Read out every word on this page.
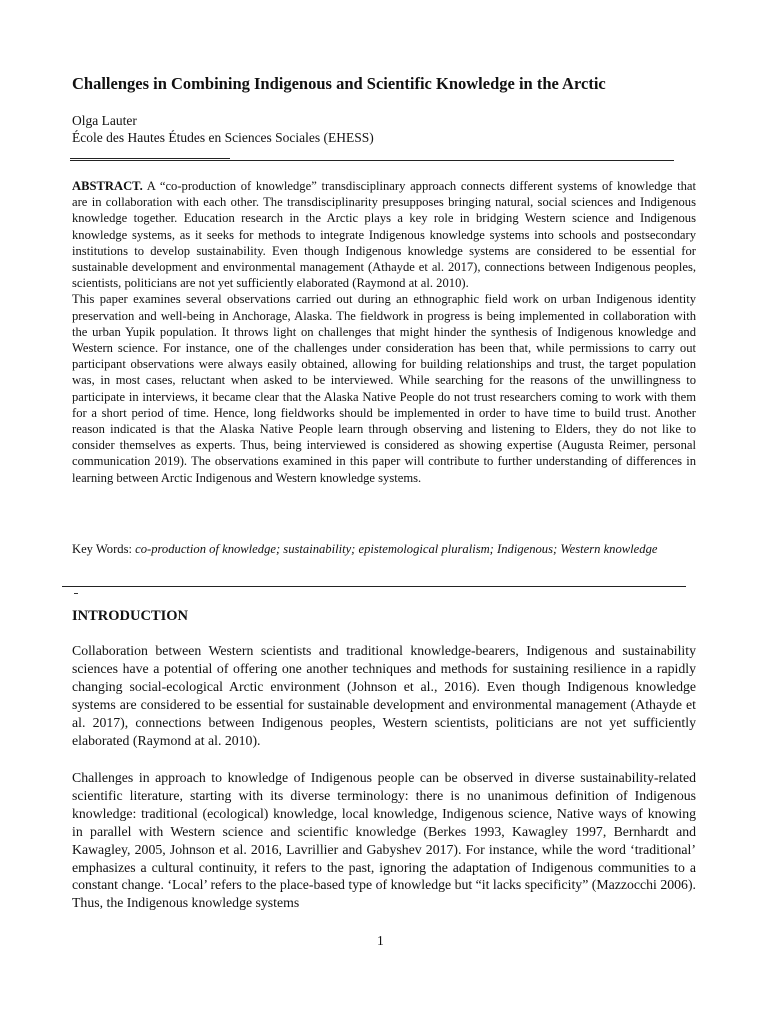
Challenges in Combining Indigenous and Scientific Knowledge in the Arctic
Olga Lauter
École des Hautes Études en Sciences Sociales (EHESS)

ABSTRACT. A “co-production of knowledge” transdisciplinary approach connects different systems of knowledge that are in collaboration with each other. The transdisciplinarity presupposes bringing natural, social sciences and Indigenous knowledge together. Education research in the Arctic plays a key role in bridging Western science and Indigenous knowledge systems, as it seeks for methods to integrate Indigenous knowledge systems into schools and postsecondary institutions to develop sustainability. Even though Indigenous knowledge systems are considered to be essential for sustainable development and environmental management (Athayde et al. 2017), connections between Indigenous peoples, scientists, politicians are not yet sufficiently elaborated (Raymond at al. 2010).

This paper examines several observations carried out during an ethnographic field work on urban Indigenous identity preservation and well-being in Anchorage, Alaska. The fieldwork in progress is being implemented in collaboration with the urban Yupik population. It throws light on challenges that might hinder the synthesis of Indigenous knowledge and Western science. For instance, one of the challenges under consideration has been that, while permissions to carry out participant observations were always easily obtained, allowing for building relationships and trust, the target population was, in most cases, reluctant when asked to be interviewed. While searching for the reasons of the unwillingness to participate in interviews, it became clear that the Alaska Native People do not trust researchers coming to work with them for a short period of time. Hence, long fieldworks should be implemented in order to have time to build trust. Another reason indicated is that the Alaska Native People learn through observing and listening to Elders, they do not like to consider themselves as experts. Thus, being interviewed is considered as showing expertise (Augusta Reimer, personal communication 2019). The observations examined in this paper will contribute to further understanding of differences in learning between Arctic Indigenous and Western knowledge systems.

Key Words: co-production of knowledge; sustainability; epistemological pluralism; Indigenous; Western knowledge

INTRODUCTION

Collaboration between Western scientists and traditional knowledge-bearers, Indigenous and sustainability sciences have a potential of offering one another techniques and methods for sustaining resilience in a rapidly changing social-ecological Arctic environment (Johnson et al., 2016). Even though Indigenous knowledge systems are considered to be essential for sustainable development and environmental management (Athayde et al. 2017), connections between Indigenous peoples, Western scientists, politicians are not yet sufficiently elaborated (Raymond at al. 2010).

Challenges in approach to knowledge of Indigenous people can be observed in diverse sustainability-related scientific literature, starting with its diverse terminology: there is no unanimous definition of Indigenous knowledge: traditional (ecological) knowledge, local knowledge, Indigenous science, Native ways of knowing in parallel with Western science and scientific knowledge (Berkes 1993, Kawagley 1997, Bernhardt and Kawagley, 2005, Johnson et al. 2016, Lavrillier and Gabyshev 2017). For instance, while the word ‘traditional’ emphasizes a cultural continuity, it refers to the past, ignoring the adaptation of Indigenous communities to a constant change. ‘Local’ refers to the place-based type of knowledge but “it lacks specificity” (Mazzocchi 2006). Thus, the Indigenous knowledge systems

1
